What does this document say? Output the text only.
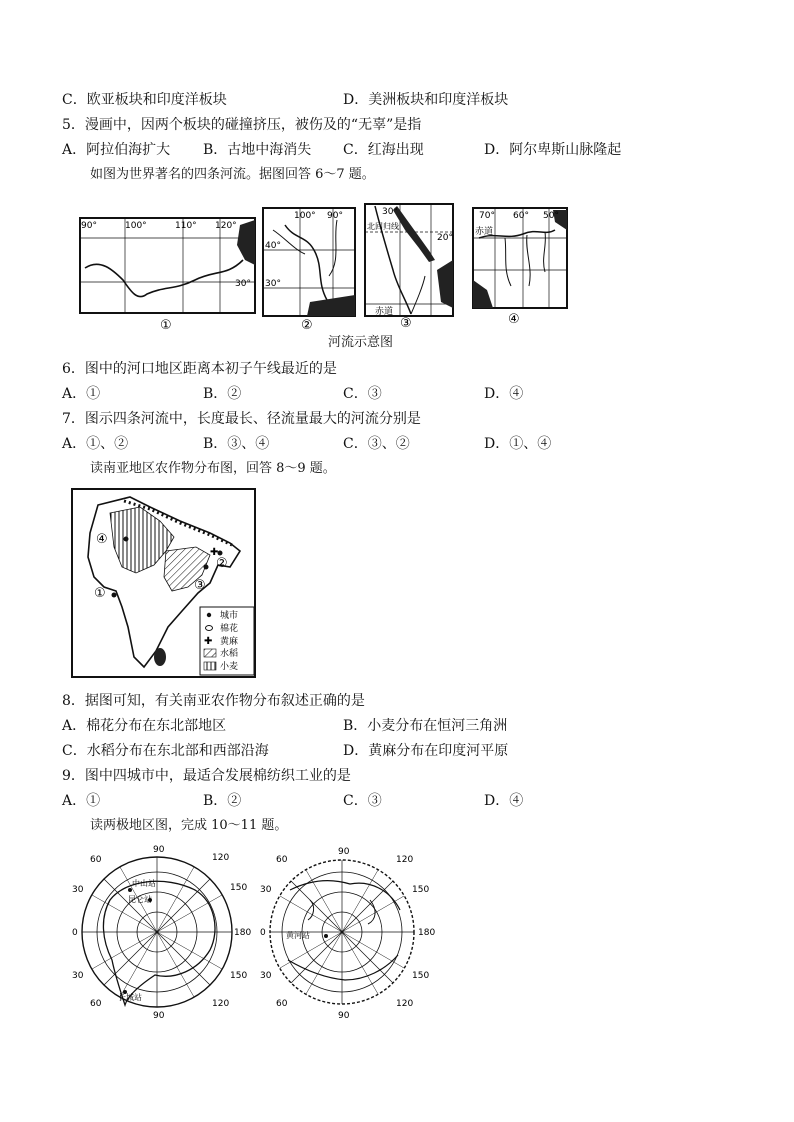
C．欧亚板块和印度洋板块	D．美洲板块和印度洋板块
5．漫画中，因两个板块的碰撞挤压，被伤及的“无辜”是指
A．阿拉伯海扩大 B．古地中海消失 C．红海出现	D．阿尔卑斯山脉隆起
如图为世界著名的四条河流。据图回答 6～7 题。
90°	100°	110° 120°
30°
100° 90°
40°
30°
30°
北回归线
20°
赤道
70° 60° 50°
赤道
①	②	③	④
河流示意图
6．图中的河口地区距离本初子午线最近的是
A．①	B．②	C．③	D．④
7．图示四条河流中，长度最长、径流量最大的河流分别是
A．①、②	B．③、④	C．③、②	D．①、④
读南亚地区农作物分布图，回答 8～9 题。
✚
④
②
③
①
城市
棉花
✚ 黄麻
水稻
小麦
8．据图可知，有关南亚农作物分布叙述正确的是
A．棉花分布在东北部地区	B．小麦分布在恒河三角洲
C．水稻分布在东北部和西部沿海	D．黄麻分布在印度河平原
9．图中四城市中，最适合发展棉纺织工业的是
A．①	B．②	C．③	D．④
读两极地区图，完成 10～11 题。
90
120
60
150
30
0	180
30	150
60	120
90
中山站
昆仑站
长城站
90
120
60
150
30
0	180
30	150
60	120
90
黄河站
